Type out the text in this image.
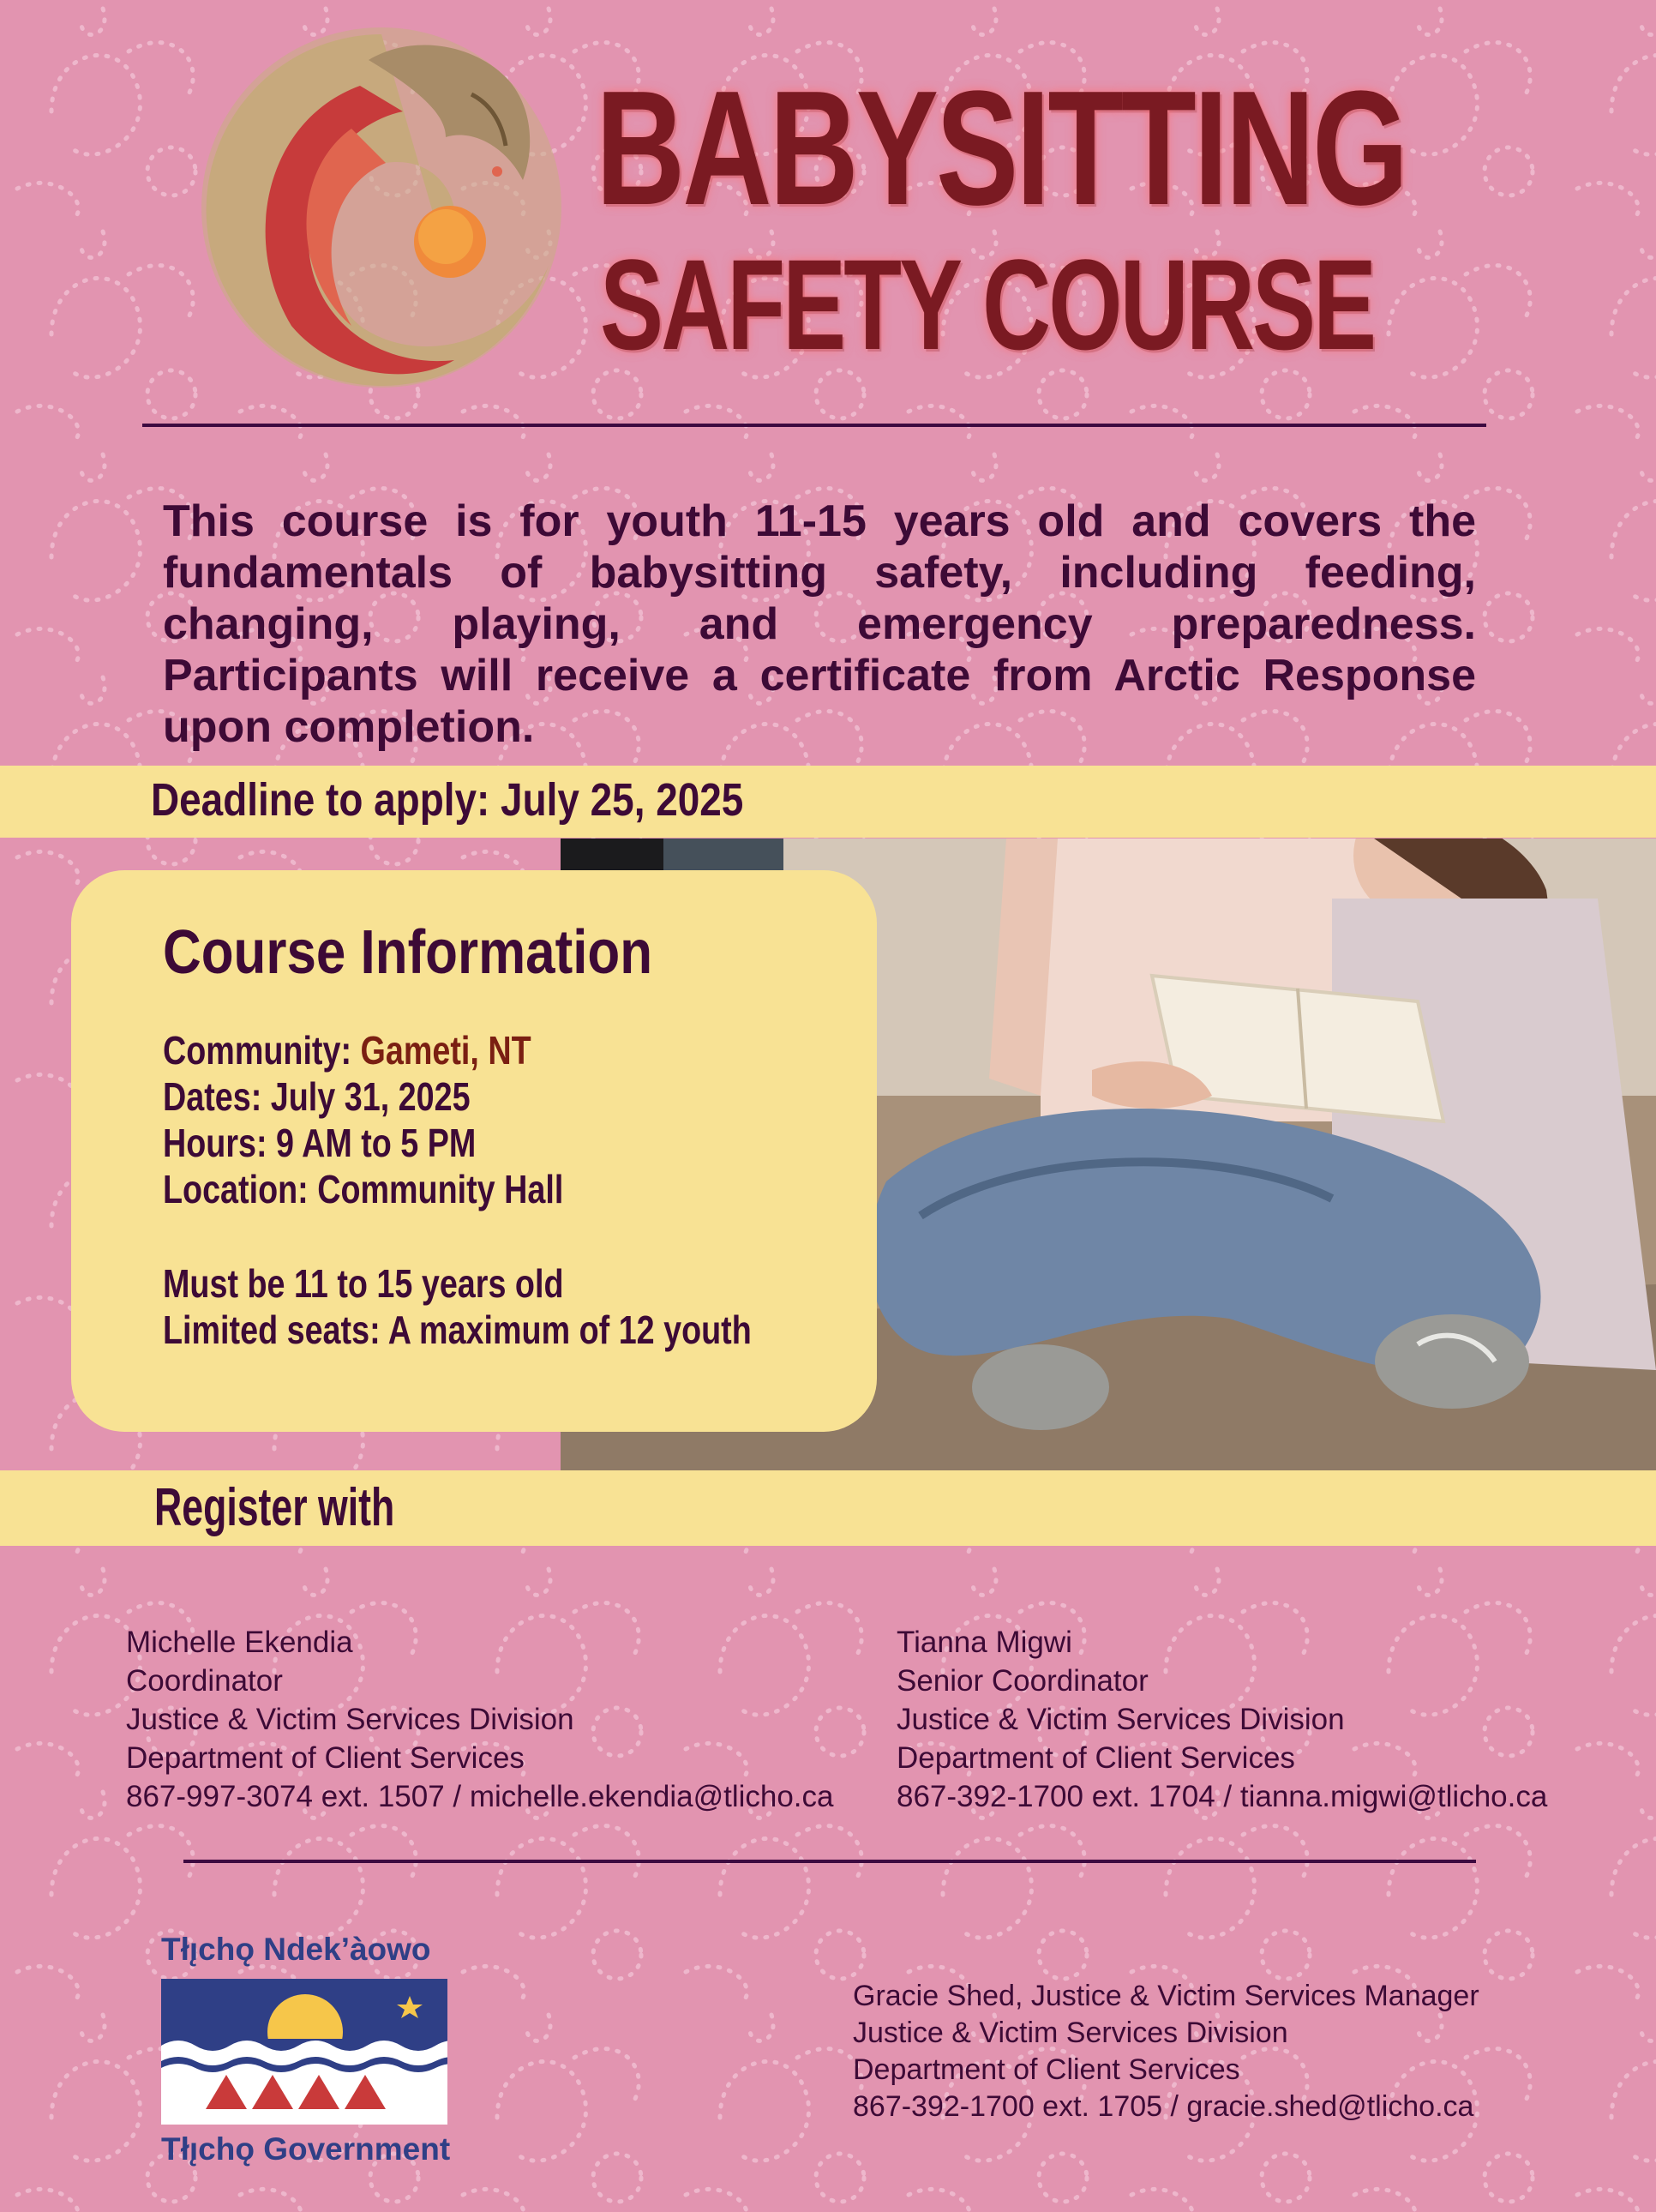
BABYSITTING
SAFETY COURSE
This course is for youth 11-15 years old and covers the fundamentals of babysitting safety, including feeding, changing, playing, and emergency preparedness. Participants will receive a certificate from Arctic Response upon completion.
Deadline to apply: July 25, 2025
Course Information
Community: Gameti, NT
Dates: July 31, 2025
Hours: 9 AM to 5 PM
Location: Community Hall
Must be 11 to 15 years old
Limited seats: A maximum of 12 youth
Register with
Michelle Ekendia
Coordinator
Justice & Victim Services Division
Department of Client Services
867-997-3074 ext. 1507 / michelle.ekendia@tlicho.ca
Tianna Migwi
Senior Coordinator
Justice & Victim Services Division
Department of Client Services
867-392-1700 ext. 1704 / tianna.migwi@tlicho.ca
Tłı̨chǫ Ndek’àowo
Tłı̨chǫ Government
Gracie Shed, Justice & Victim Services Manager
Justice & Victim Services Division
Department of Client Services
867-392-1700 ext. 1705 / gracie.shed@tlicho.ca
